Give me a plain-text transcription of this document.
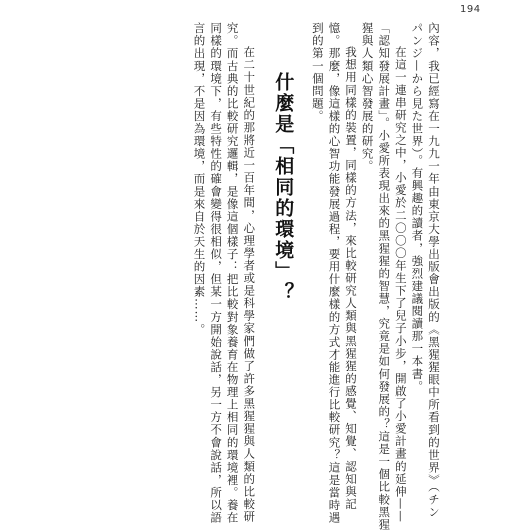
194
內容，我已經寫在一九九一年由東京大學出版會出版的《黑猩猩眼中所看到的世界》（チン
パンジ—から見た世界）。有興趣的讀者，強烈建議閱讀那一本書。
在這一連串研究之中，小愛於二〇〇〇年生下了兒子小步，開啟了小愛計畫的延伸——
「認知發展計畫」。小愛所表現出來的黑猩猩的智慧，究竟是如何發展的？這是一個比較黑猩
猩與人類心智發展的研究。
我想用同樣的裝置，同樣的方法，來比較研究人類與黑猩猩的感覺、知覺、認知與記
憶。那麼，像這樣的心智功能發展過程，要用什麼樣的方式才能進行比較研究？這是當時遇
到的第一個問題。
什麼是「相同的環境」？
在二十世紀的那將近一百年間，心理學者或是科學家們做了許多黑猩猩與人類的比較研
究。而古典的比較研究邏輯，是像這個樣子：把比較對象養育在物理上相同的環境裡。養在
同樣的環境下，有些特性的確會變得很相似，但某一方開始說話，另一方不會說話，所以語
言的出現，不是因為環境，而是來自於天生的因素……。
